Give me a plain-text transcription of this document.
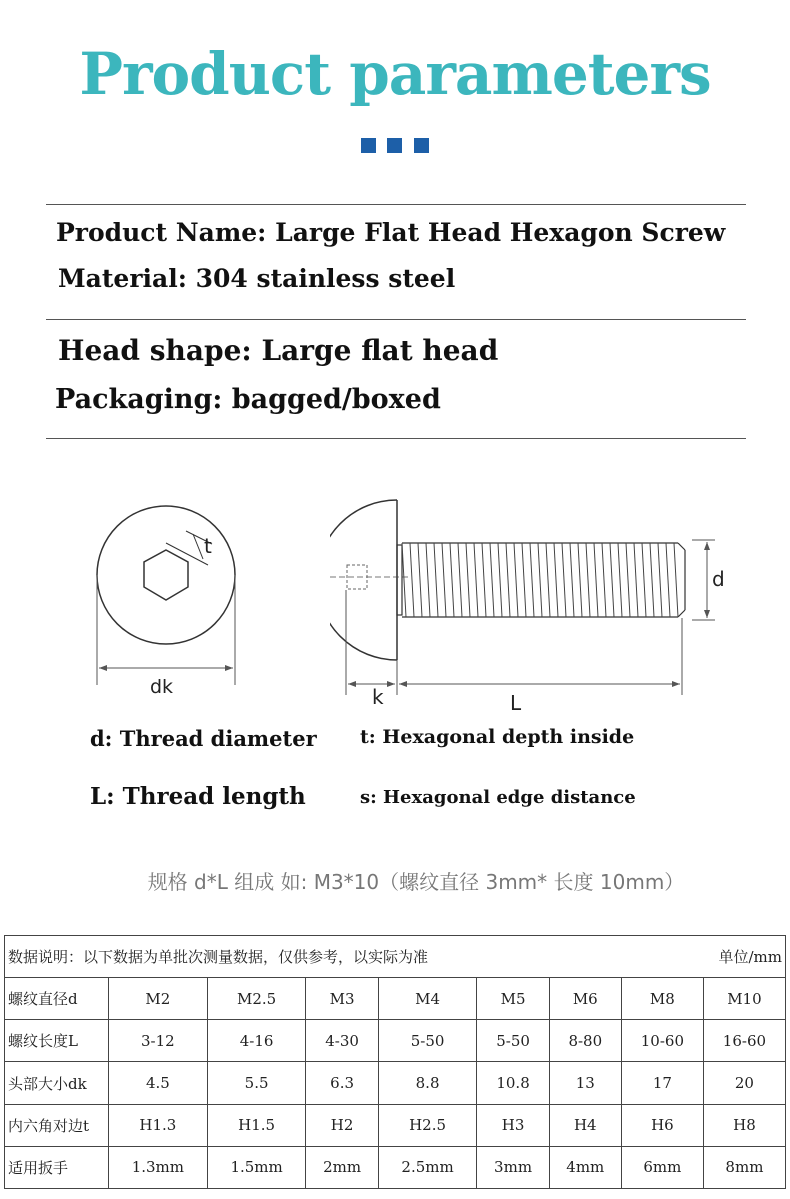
Product parameters
Product Name: Large Flat Head Hexagon Screw
Material: 304 stainless steel
Head shape: Large flat head
Packaging: bagged/boxed
t
dk
d
k	L
d: Thread diameter t: Hexagonal depth inside
L: Thread length	s: Hexagonal edge distance
规格 d*L 组成 如: M3*10（螺纹直径 3mm* 长度 10mm）
数据说明：以下数据为单批次测量数据，仅供参考，以实际为准 单位/mm								

螺纹直径d	M2	M2.5	M3	M4	M5	M6	M8	M10
螺纹长度L	3-12	4-16	4-30	5-50	5-50	8-80	10-60	16-60
头部大小dk	4.5	5.5	6.3	8.8	10.8	13	17	20
内六角对边t	H1.3	H1.5	H2	H2.5	H3	H4	H6	H8
适用扳手	1.3mm	1.5mm	2mm	2.5mm	3mm	4mm	6mm	8mm
